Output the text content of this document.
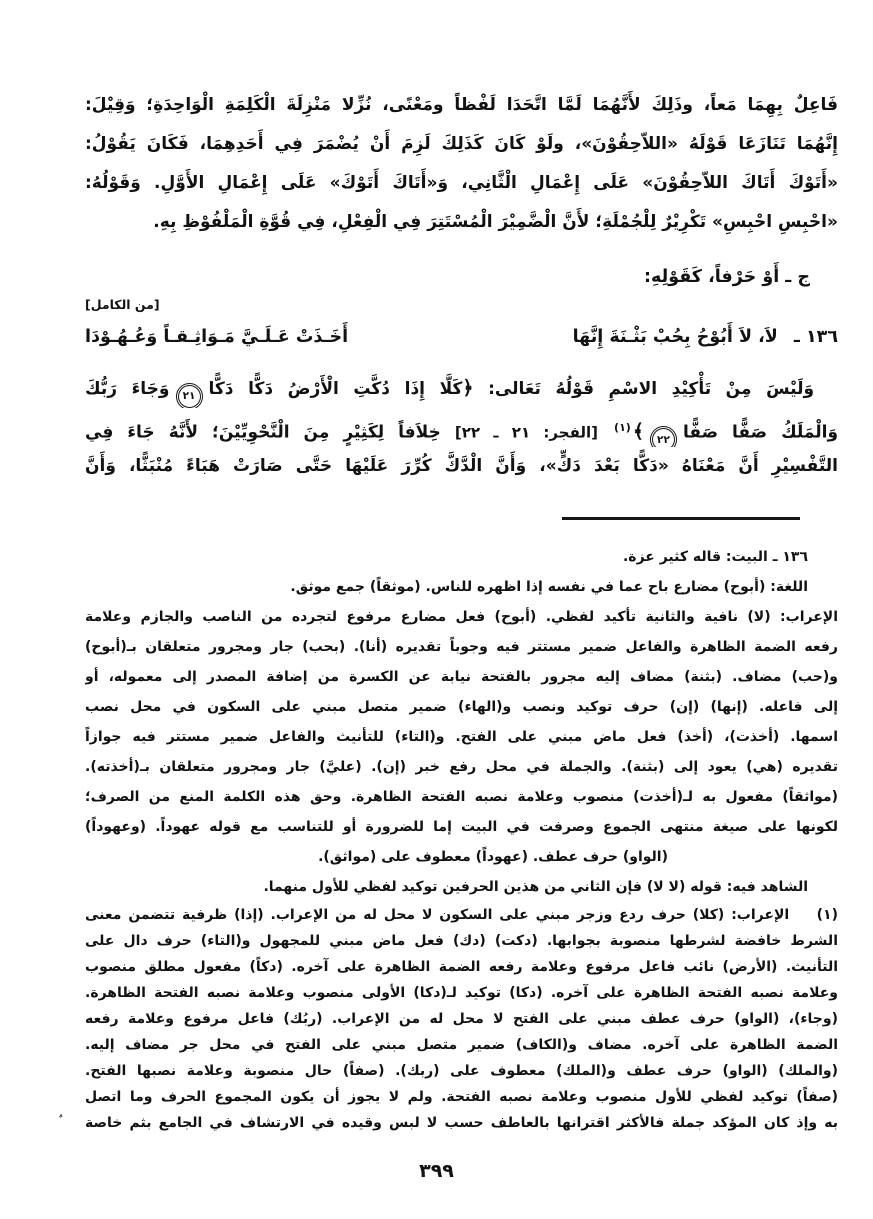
فَاعِلٌ بِهِمَا مَعاً، وذَلِكَ لأَنَّهُمَا لَمَّا اتَّحَدَا لَفْظاً ومَعْنًى، نُزِّلا مَنْزِلَةَ الْكَلِمَةِ الْوَاحِدَةِ؛ وَقِيْلَ:
إِنَّهُمَا تَنَازَعَا قَوْلَهُ «اللاّحِقُوْنَ»، ولَوْ كَانَ كَذَلِكَ لَزِمَ أَنْ يُضْمَرَ فِي أَحَدِهِمَا، فَكَانَ يَقُوْلُ:
«أَتَوْكَ أَتَاكَ اللاّحِقُوْنَ» عَلَى إِعْمَالِ الْثَّانِي، وَ«أَتَاكَ أَتَوْكَ» عَلَى إِعْمَالِ الأَوَّلِ. وَقَوْلُهُ:
«احْبِسِ احْبِسِ» تَكْرِيْرٌ لِلْجُمْلَةِ؛ لأَنَّ الْضَّمِيْرَ الْمُسْتَتِرَ فِي الْفِعْلِ، فِي قُوَّةِ الْمَلْفُوْظِ بِهِ.
ج ـ أَوْ حَرْفاً، كَقَوْلِهِ:
[من الكامل]
١٣٦ ـ لاَ، لاَ أَبُوْحُ بِحُبْ بَثْـنَةَ إِنَّهَا
أَخَـذَتْ عَـلَـيَّ مَـوَاثِـقـاً وَعُـهُـوْدَا
وَلَيْسَ مِنْ تَأْكِيْدِ الاسْمِ قَوْلُهُ تَعَالى: ﴿كَلَّا إِذَا دُكَّتِ الْأَرْضُ دَكًّا دَكًّا٢١وَجَاءَ رَبُّكَ
وَالْمَلَكُ صَفًّا صَفًّا٢٢﴾$^{(١)}$ [الفجر: ٢١ ـ ٢٢] خِلاَفاً لِكَثِيْرٍ مِنَ الْنَّحْوِيِّيْنَ؛ لأَنَّهُ جَاءَ فِي
التَّفْسِيْرِ أَنَّ مَعْنَاهُ «دَكًّا بَعْدَ دَكٍّ»، وَأَنَّ الْدَّكَّ كُرِّرَ عَلَيْهَا حَتَّى صَارَتْ هَبَاءً مُنْبَثًّا، وَأَنَّ
١٣٦ ـ البيت: قاله كثير عزة.
اللغة: (أبوح) مضارع باح عما في نفسه إذا اظهره للناس. (موثقاً) جمع موثق.
الإعراب: (لا) نافية والثانية تأكيد لفظي. (أبوح) فعل مضارع مرفوع لتجرده من الناصب والجازم وعلامة
رفعه الضمة الظاهرة والفاعل ضمير مستتر فيه وجوباً تقديره (أنا). (بحب) جار ومجرور متعلقان بـ(أبوح)
و(حب) مضاف. (بثنة) مضاف إليه مجرور بالفتحة نيابة عن الكسرة من إضافة المصدر إلى معموله، أو
إلى فاعله. (إنها) (إن) حرف توكيد ونصب و(الهاء) ضمير متصل مبني على السكون في محل نصب
اسمها. (أخذت)، (أخذ) فعل ماض مبني على الفتح. و(التاء) للتأنيث والفاعل ضمير مستتر فيه جوازاً
تقديره (هي) يعود إلى (بثنة). والجملة في محل رفع خبر (إن). (عليَّ) جار ومجرور متعلقان بـ(أخذته).
(مواثقاً) مفعول به لـ(أخذت) منصوب وعلامة نصبه الفتحة الظاهرة. وحق هذه الكلمة المنع من الصرف؛
لكونها على صيغة منتهى الجموع وصرفت في البيت إما للضرورة أو للتناسب مع قوله عهوداً. (وعهوداً)
(الواو) حرف عطف. (عهوداً) معطوف على (مواثق).
الشاهد فيه: قوله (لا لا) فإن الثاني من هذين الحرفين توكيد لفظي للأول منهما.
(١)    الإعراب: (كلا) حرف ردع وزجر مبني على السكون لا محل له من الإعراب. (إذا) ظرفية تتضمن معنى
الشرط خافضة لشرطها منصوبة بجوابها. (دكت) (دك) فعل ماض مبني للمجهول و(التاء) حرف دال على
التأنيث. (الأرض) نائب فاعل مرفوع وعلامة رفعه الضمة الظاهرة على آخره. (دكاً) مفعول مطلق منصوب
وعلامة نصبه الفتحة الظاهرة على آخره. (دكا) توكيد لـ(دكا) الأولى منصوب وعلامة نصبه الفتحة الظاهرة.
(وجاء)، (الواو) حرف عطف مبني على الفتح لا محل له من الإعراب. (ربُك) فاعل مرفوع وعلامة رفعه
الضمة الظاهرة على آخره. مضاف و(الكاف) ضمير متصل مبني على الفتح في محل جر مضاف إليه.
(والملك) (الواو) حرف عطف و(الملك) معطوف على (ربك). (صفاً) حال منصوبة وعلامة نصبها الفتح.
(صفاً) توكيد لفظي للأول منصوب وعلامة نصبه الفتحة. ولم لا يجوز أن يكون المجموع الحرف وما اتصل
به وإذ كان المؤكد جملة فالأكثر اقترانها بالعاطف حسب لا لبس وقيده في الارتشاف في الجامع بثم خاصة
٣٩٩
